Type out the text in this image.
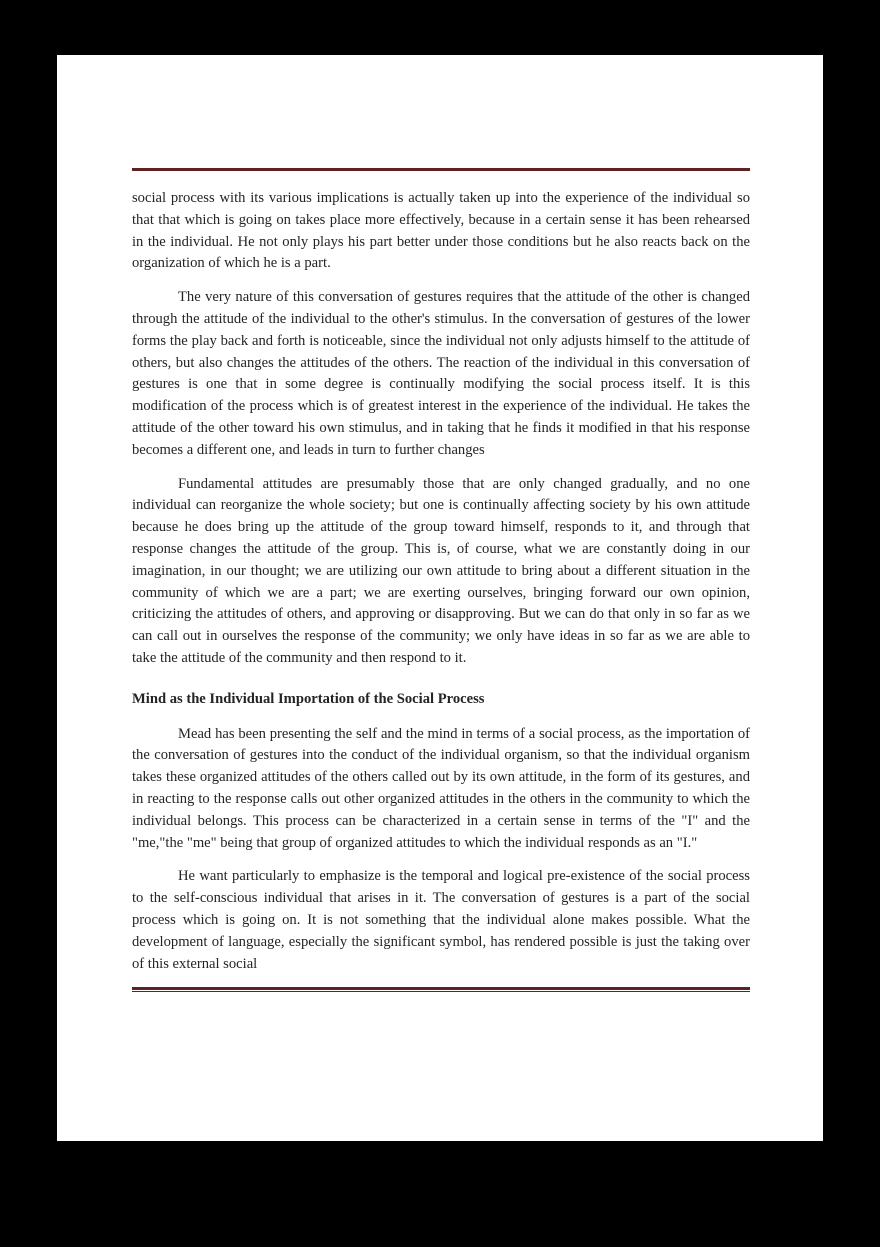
social process with its various implications is actually taken up into the experience of the individual so that that which is going on takes place more effectively, because in a certain sense it has been rehearsed in the individual. He not only plays his part better under those conditions but he also reacts back on the organization of which he is a part.

The very nature of this conversation of gestures requires that the attitude of the other is changed through the attitude of the individual to the other's stimulus. In the conversation of gestures of the lower forms the play back and forth is noticeable, since the individual not only adjusts himself to the attitude of others, but also changes the attitudes of the others. The reaction of the individual in this conversation of gestures is one that in some degree is continually modifying the social process itself. It is this modification of the process which is of greatest interest in the experience of the individual. He takes the attitude of the other toward his own stimulus, and in taking that he finds it modified in that his response becomes a different one, and leads in turn to further changes

Fundamental attitudes are presumably those that are only changed gradually, and no one individual can reorganize the whole society; but one is continually affecting society by his own attitude because he does bring up the attitude of the group toward himself, responds to it, and through that response changes the attitude of the group. This is, of course, what we are constantly doing in our imagination, in our thought; we are utilizing our own attitude to bring about a different situation in the community of which we are a part; we are exerting ourselves, bringing forward our own opinion, criticizing the attitudes of others, and approving or disapproving. But we can do that only in so far as we can call out in ourselves the response of the community; we only have ideas in so far as we are able to take the attitude of the community and then respond to it.

Mind as the Individual Importation of the Social Process

Mead has been presenting the self and the mind in terms of a social process, as the importation of the conversation of gestures into the conduct of the individual organism, so that the individual organism takes these organized attitudes of the others called out by its own attitude, in the form of its gestures, and in reacting to the response calls out other organized attitudes in the others in the community to which the individual belongs. This process can be characterized in a certain sense in terms of the "I" and the "me,"the "me" being that group of organized attitudes to which the individual responds as an "I."

He want particularly to emphasize is the temporal and logical pre-existence of the social process to the self-conscious individual that arises in it. The conversation of gestures is a part of the social process which is going on. It is not something that the individual alone makes possible. What the development of language, especially the significant symbol, has rendered possible is just the taking over of this external social
